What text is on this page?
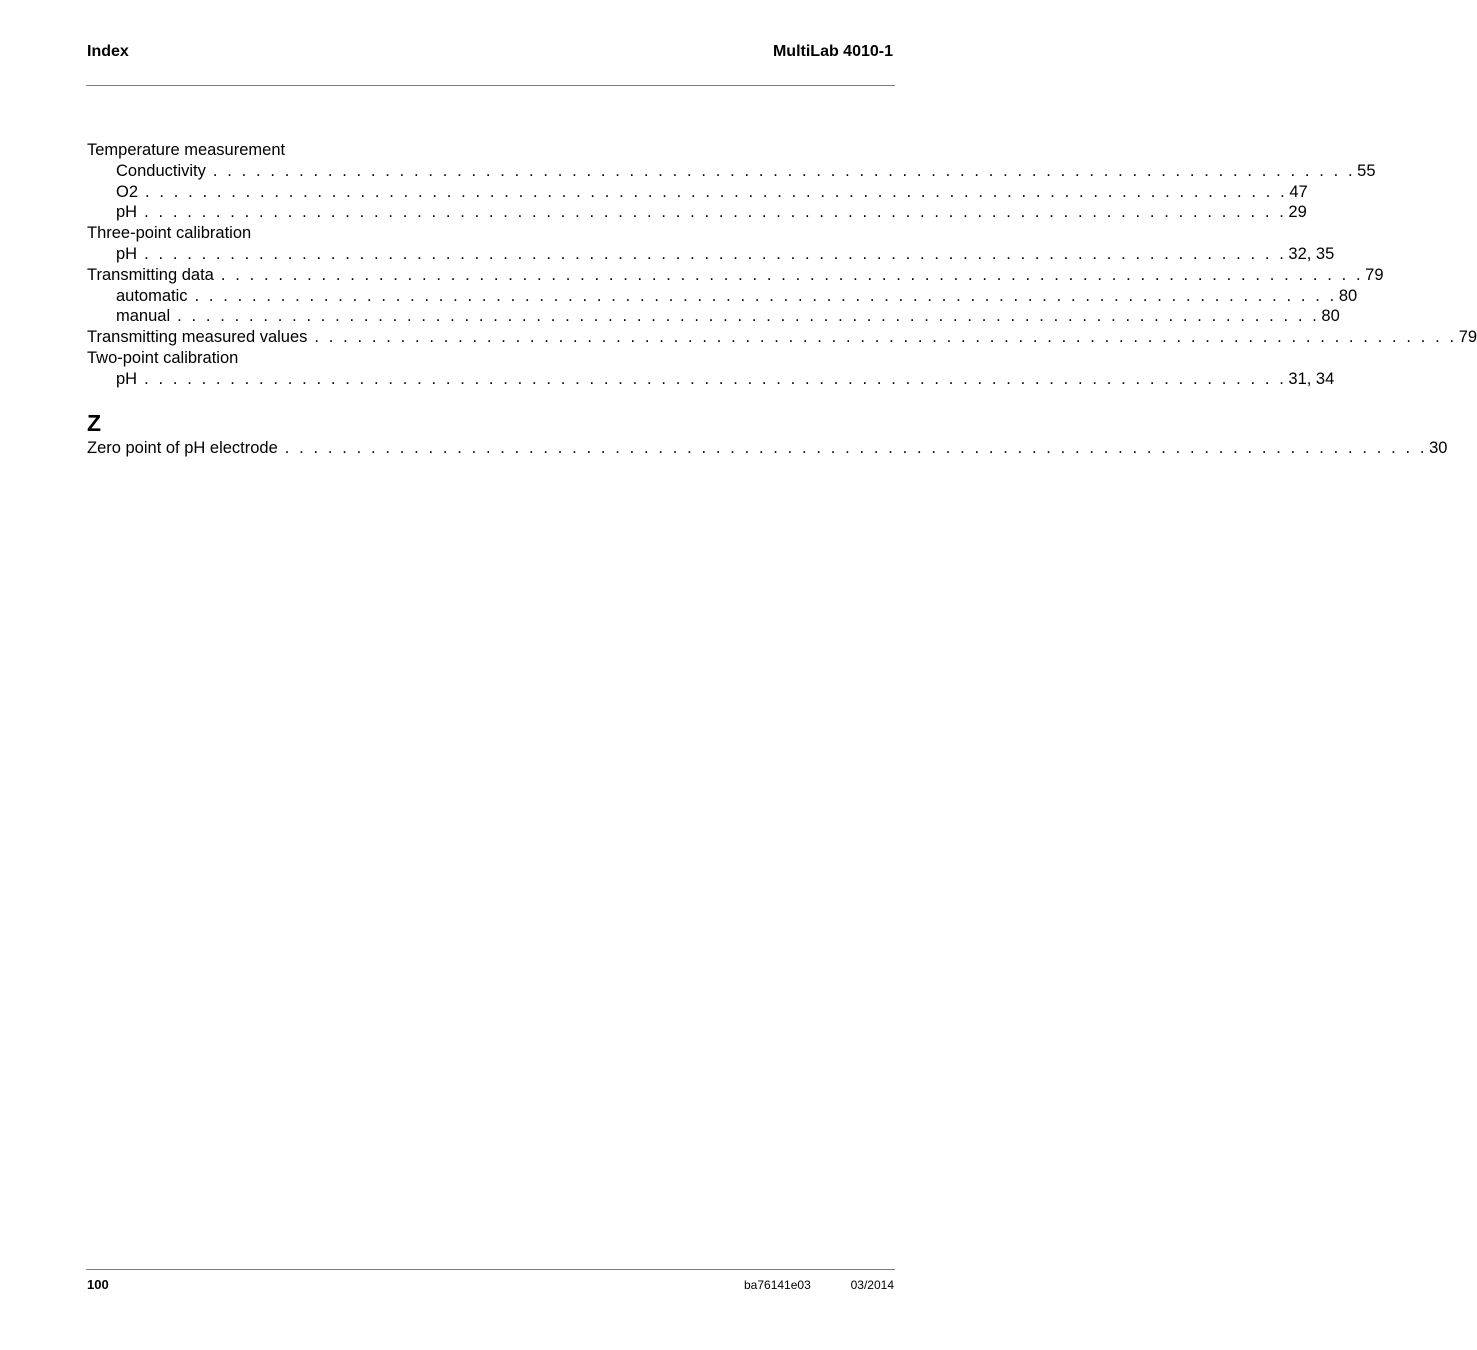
Index	MultiLab 4010-1
Temperature measurement
Conductivity . . . . . . . . . . . . . . . . . . . . . . . . . . . . . . . . . . . . . . . . . . . . . . . . . . . . . . . . . . . . . . . . . . . . . . . . . . . . . . . . 55
O2 . . . . . . . . . . . . . . . . . . . . . . . . . . . . . . . . . . . . . . . . . . . . . . . . . . . . . . . . . . . . . . . . . . . . . . . . . . . . . . . . 47
pH . . . . . . . . . . . . . . . . . . . . . . . . . . . . . . . . . . . . . . . . . . . . . . . . . . . . . . . . . . . . . . . . . . . . . . . . . . . . . . . . 29
Three-point calibration
pH . . . . . . . . . . . . . . . . . . . . . . . . . . . . . . . . . . . . . . . . . . . . . . . . . . . . . . . . . . . . . . . . . . . . . . . . . . . . . . . . 32, 35
Transmitting data . . . . . . . . . . . . . . . . . . . . . . . . . . . . . . . . . . . . . . . . . . . . . . . . . . . . . . . . . . . . . . . . . . . . . . . . . . . . . . . . 79
automatic . . . . . . . . . . . . . . . . . . . . . . . . . . . . . . . . . . . . . . . . . . . . . . . . . . . . . . . . . . . . . . . . . . . . . . . . . . . . . . . . 80
manual . . . . . . . . . . . . . . . . . . . . . . . . . . . . . . . . . . . . . . . . . . . . . . . . . . . . . . . . . . . . . . . . . . . . . . . . . . . . . . . . 80
Transmitting measured values . . . . . . . . . . . . . . . . . . . . . . . . . . . . . . . . . . . . . . . . . . . . . . . . . . . . . . . . . . . . . . . . . . . . . . . . . . . . . . . . 79
Two-point calibration
pH . . . . . . . . . . . . . . . . . . . . . . . . . . . . . . . . . . . . . . . . . . . . . . . . . . . . . . . . . . . . . . . . . . . . . . . . . . . . . . . . 31, 34
Z
Zero point of pH electrode . . . . . . . . . . . . . . . . . . . . . . . . . . . . . . . . . . . . . . . . . . . . . . . . . . . . . . . . . . . . . . . . . . . . . . . . . . . . . . . . 30
100	ba76141e03	03/2014
